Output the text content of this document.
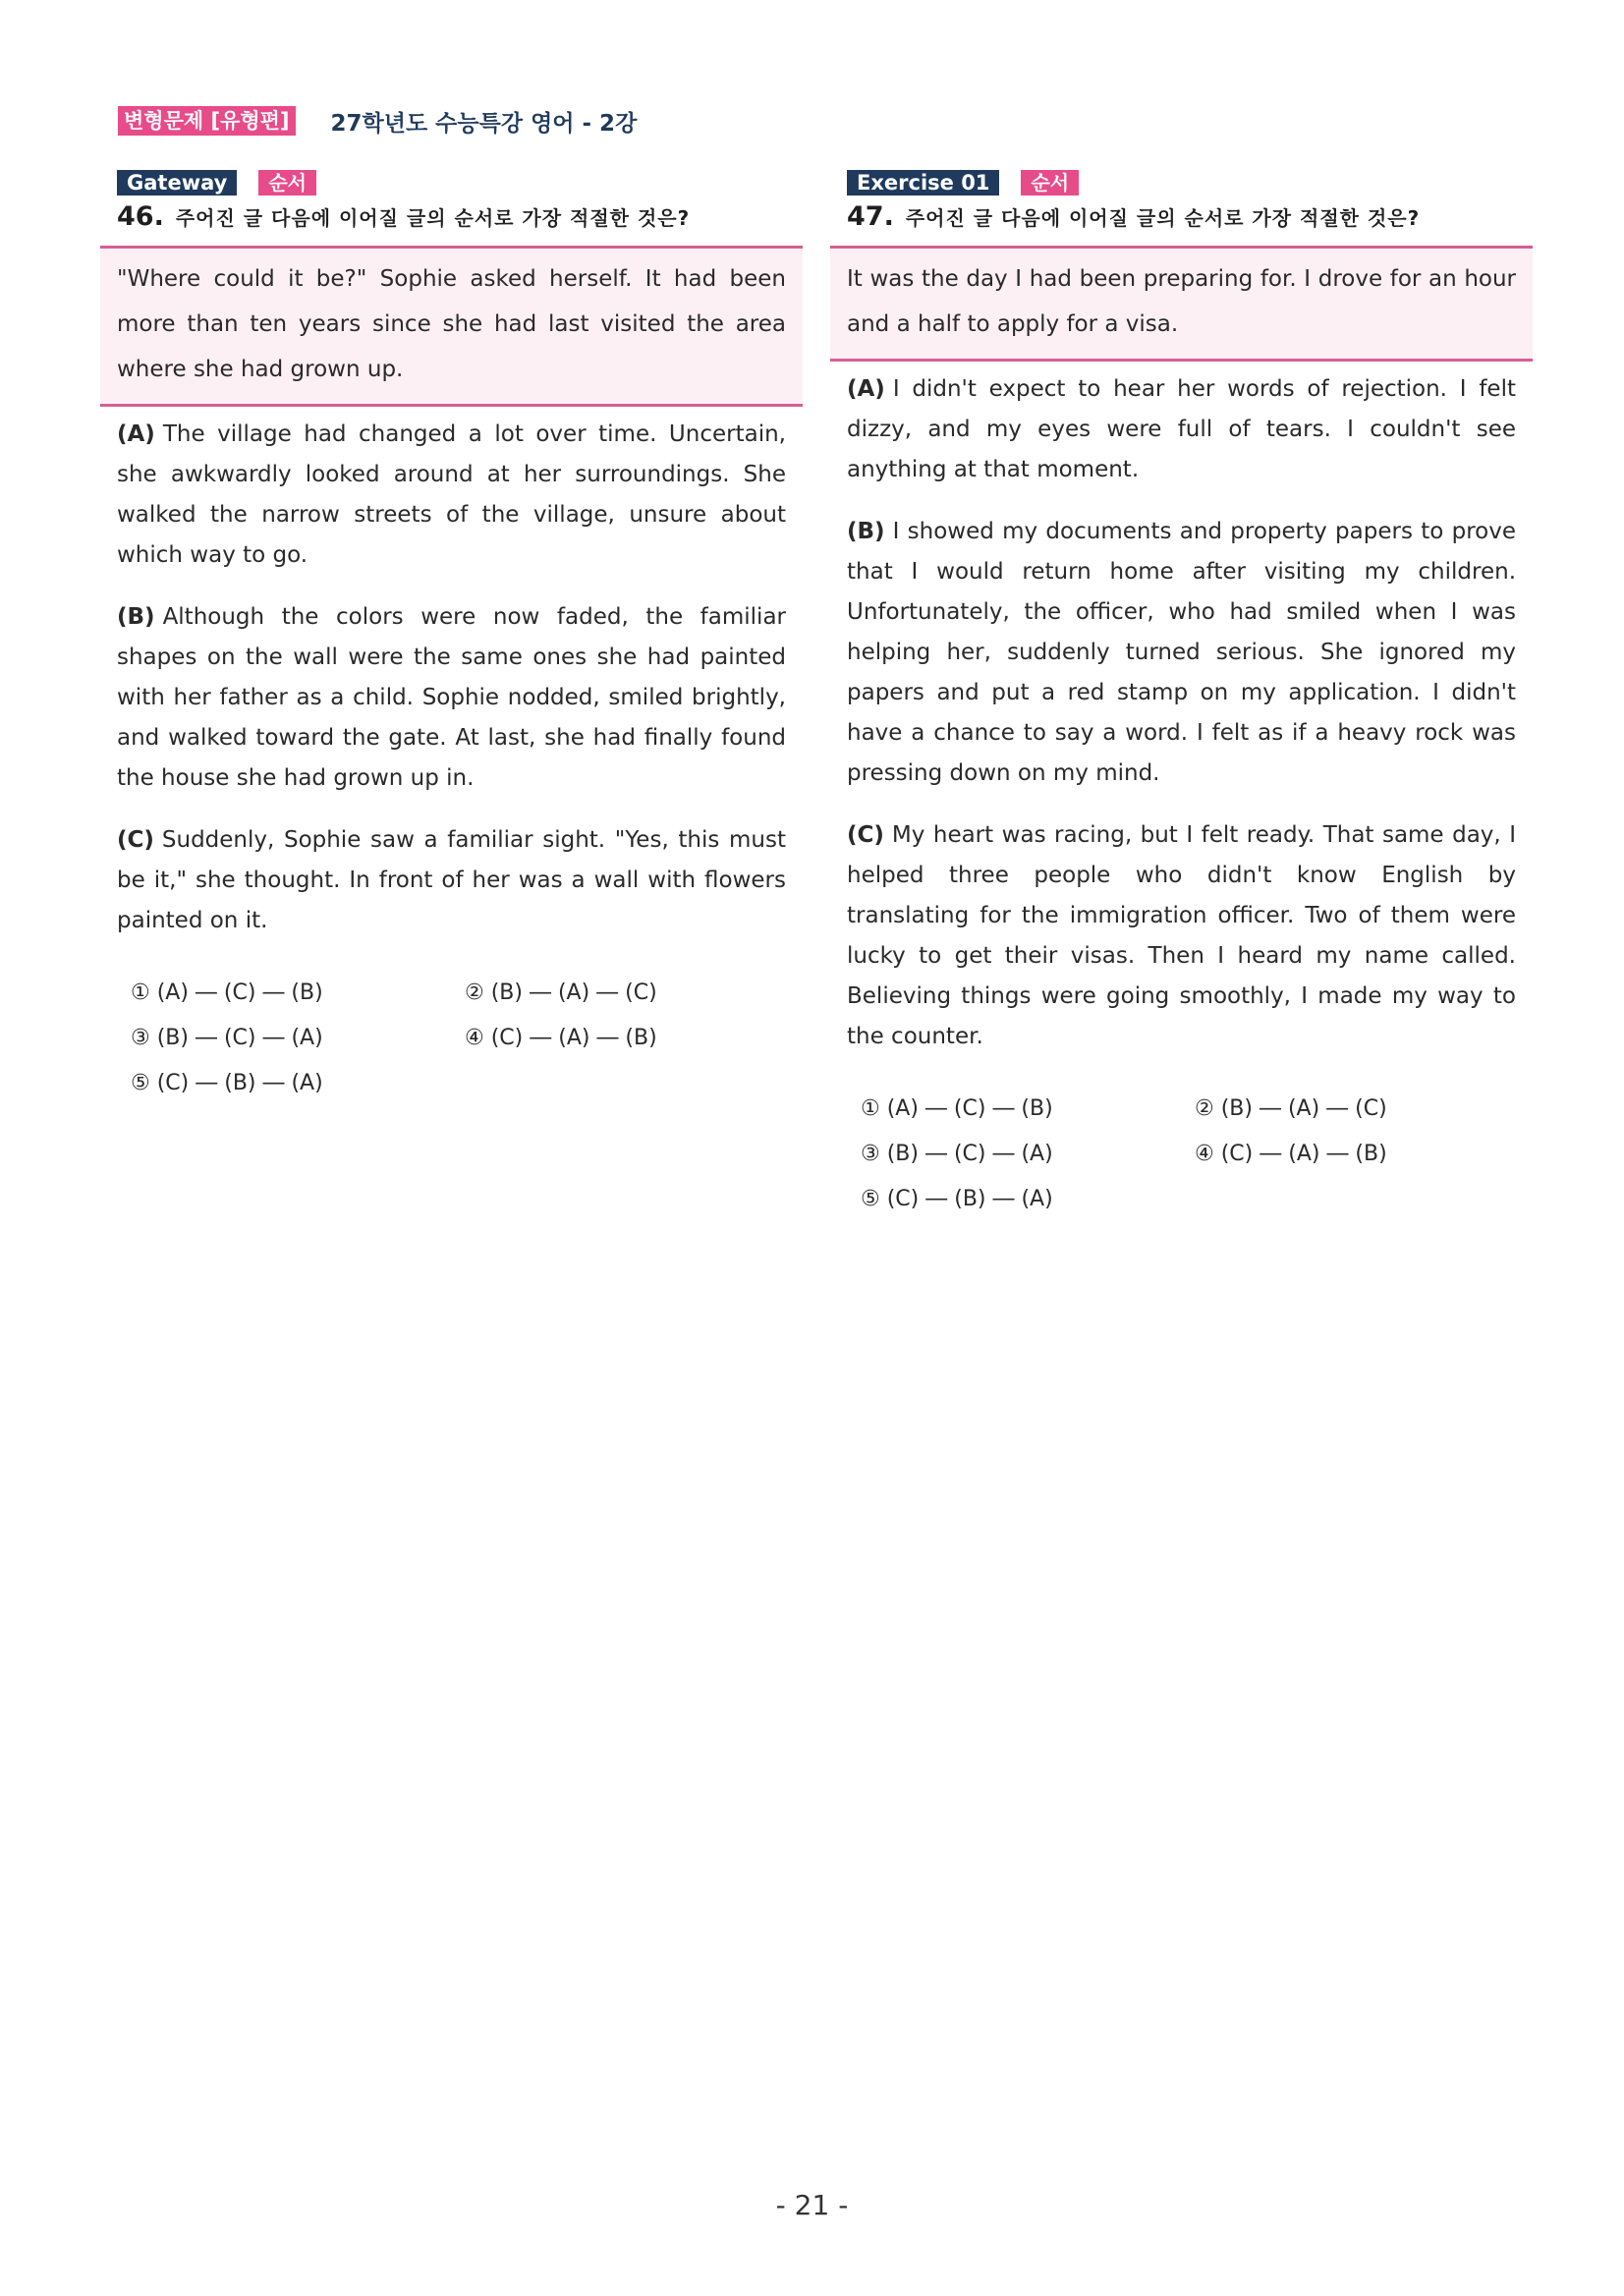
변형문제 [유형편] 27학년도 수능특강 영어 - 2강
Gateway	순서
46. 주어진 글 다음에 이어질 글의 순서로 가장 적절한 것은?

"Where could it be?" Sophie asked herself. It had been more than ten years since she had last visited the area where she had grown up.

(A) The village had changed a lot over time. Uncertain, she awkwardly looked around at her surroundings. She walked the narrow streets of the village, unsure about which way to go.

(B) Although the colors were now faded, the familiar shapes on the wall were the same ones she had painted with her father as a child. Sophie nodded, smiled brightly, and walked toward the gate. At last, she had finally found the house she had grown up in.

(C) Suddenly, Sophie saw a familiar sight. "Yes, this must be it," she thought. In front of her was a wall with flowers painted on it.

① (A) ― (C) ― (B)	② (B) ― (A) ― (C)
③ (B) ― (C) ― (A)	④ (C) ― (A) ― (B)
⑤ (C) ― (B) ― (A)
Exercise 01	순서
47. 주어진 글 다음에 이어질 글의 순서로 가장 적절한 것은?

It was the day I had been preparing for. I drove for an hour and a half to apply for a visa.

(A) I didn't expect to hear her words of rejection. I felt dizzy, and my eyes were full of tears. I couldn't see anything at that moment.

(B) I showed my documents and property papers to prove that I would return home after visiting my children. Unfortunately, the officer, who had smiled when I was helping her, suddenly turned serious. She ignored my papers and put a red stamp on my application. I didn't have a chance to say a word. I felt as if a heavy rock was pressing down on my mind.

(C) My heart was racing, but I felt ready. That same day, I helped three people who didn't know English by translating for the immigration officer. Two of them were lucky to get their visas. Then I heard my name called. Believing things were going smoothly, I made my way to the counter.

① (A) ― (C) ― (B)	② (B) ― (A) ― (C)
③ (B) ― (C) ― (A)	④ (C) ― (A) ― (B)
⑤ (C) ― (B) ― (A)
- 21 -
